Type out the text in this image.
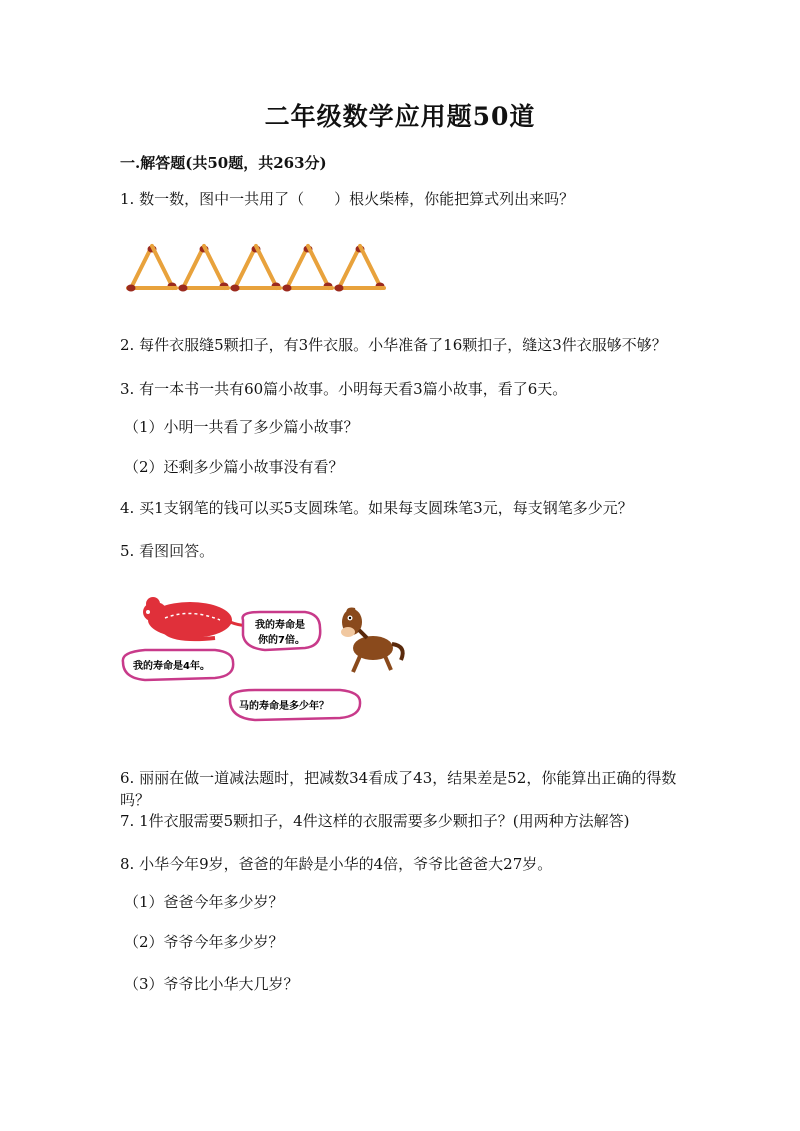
二年级数学应用题50道
一.解答题(共50题，共263分)
1. 数一数，图中一共用了（　　）根火柴棒，你能把算式列出来吗？
2. 每件衣服缝5颗扣子，有3件衣服。小华准备了16颗扣子，缝这3件衣服够不够？
3. 有一本书一共有60篇小故事。小明每天看3篇小故事，看了6天。
（1）小明一共看了多少篇小故事？
（2）还剩多少篇小故事没有看？
4. 买1支钢笔的钱可以买5支圆珠笔。如果每支圆珠笔3元，每支钢笔多少元？
5. 看图回答。
我的寿命是
你的7倍。
我的寿命是4年。
马的寿命是多少年？
6. 丽丽在做一道减法题时，把减数34看成了43，结果差是52，你能算出正确的得数吗？
7. 1件衣服需要5颗扣子，4件这样的衣服需要多少颗扣子？(用两种方法解答)
8. 小华今年9岁，爸爸的年龄是小华的4倍，爷爷比爸爸大27岁。
（1）爸爸今年多少岁？
（2）爷爷今年多少岁？
（3）爷爷比小华大几岁？
